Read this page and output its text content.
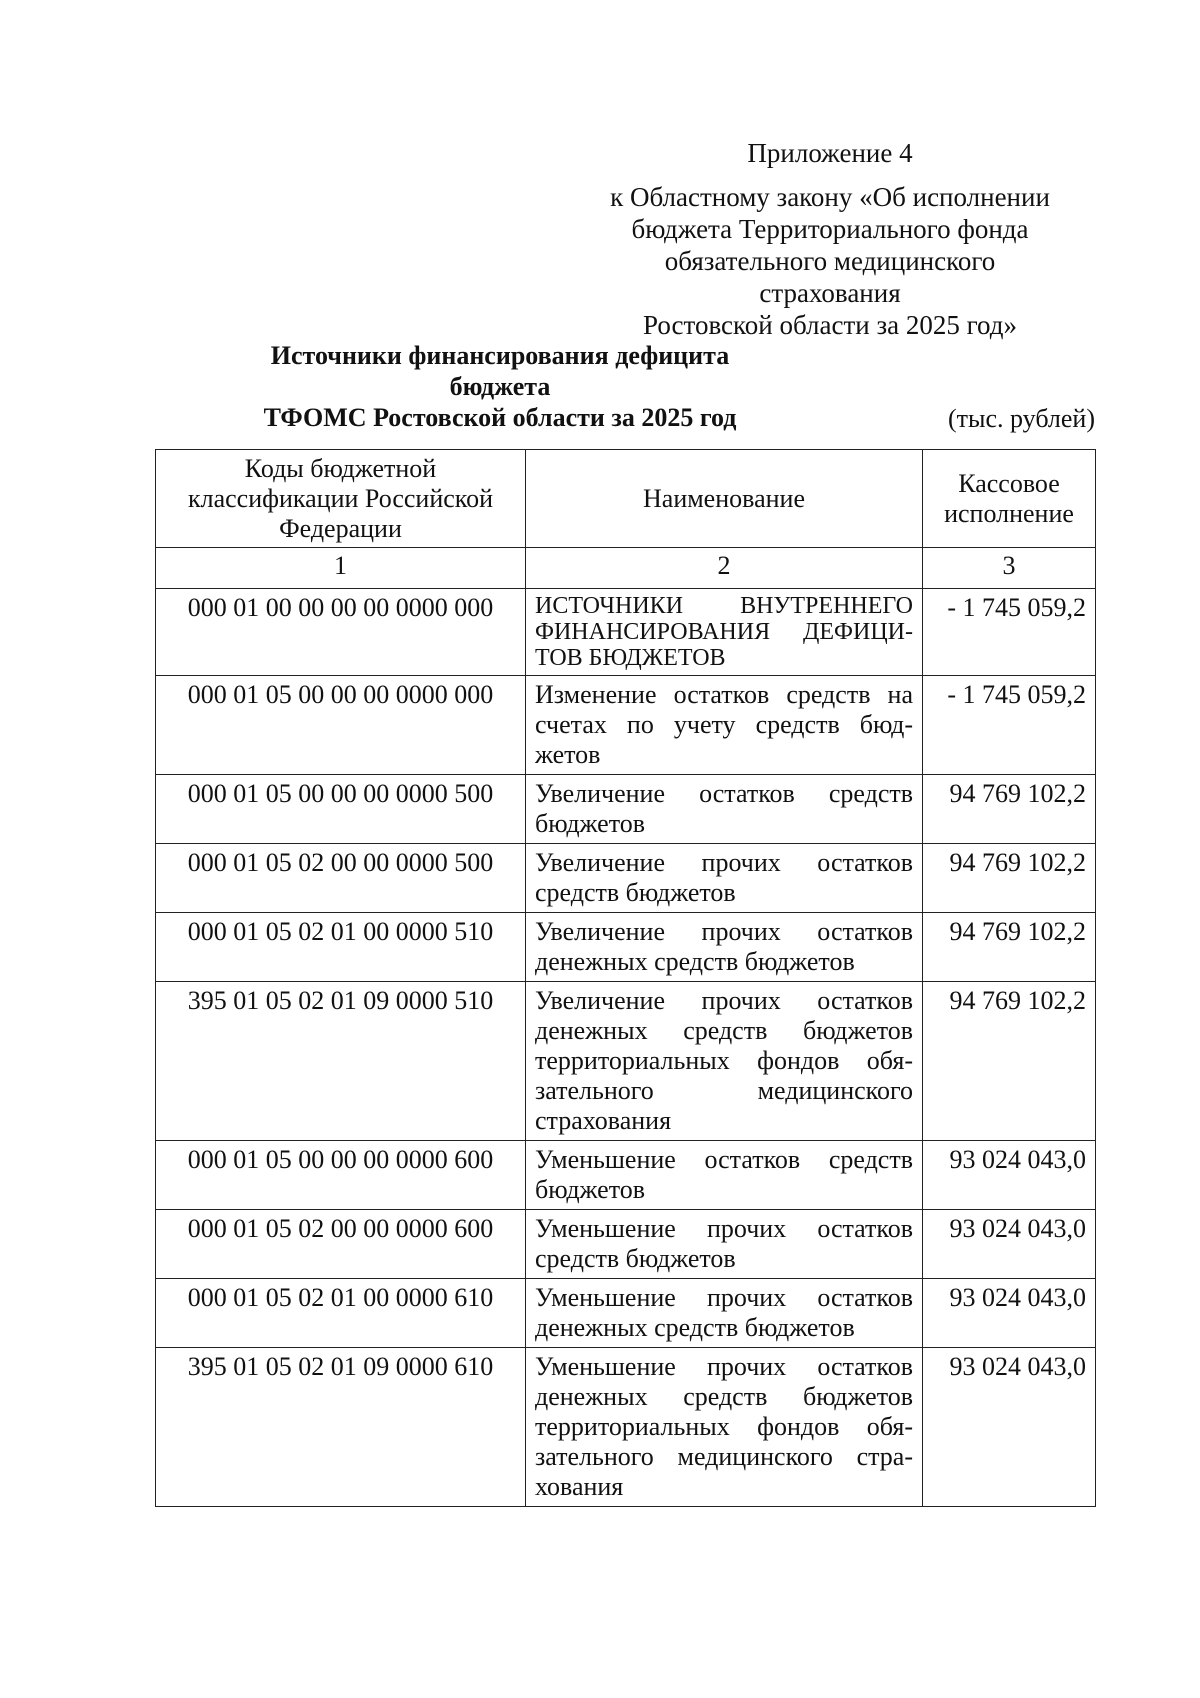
Приложение 4
к Областному закону «Об исполнении
бюджета Территориального фонда
обязательного медицинского страхования
Ростовской области за 2025 год»
Источники финансирования дефицита бюджета
ТФОМС Ростовской области за 2025 год	(тыс. рублей)
Коды бюджетной классификации Российской Федерации	Наименование	Кассовое исполнение
1	2	3
000 01 00 00 00 00 0000 000	ИСТОЧНИКИ ВНУТРЕННЕГО ФИНАНСИРОВАНИЯ ДЕФИЦИ-ТОВ БЮДЖЕТОВ	- 1 745 059,2
000 01 05 00 00 00 0000 000	Изменение остатков средств на счетах по учету средств бюд-жетов	- 1 745 059,2
000 01 05 00 00 00 0000 500	Увеличение остатков средств бюджетов	94 769 102,2
000 01 05 02 00 00 0000 500	Увеличение прочих остатков средств бюджетов	94 769 102,2
000 01 05 02 01 00 0000 510	Увеличение прочих остатков денежных средств бюджетов	94 769 102,2
395 01 05 02 01 09 0000 510	Увеличение прочих остатков денежных средств бюджетов территориальных фондов обя-зательного медицинского страхования	94 769 102,2
000 01 05 00 00 00 0000 600	Уменьшение остатков средств бюджетов	93 024 043,0
000 01 05 02 00 00 0000 600	Уменьшение прочих остатков средств бюджетов	93 024 043,0
000 01 05 02 01 00 0000 610	Уменьшение прочих остатков денежных средств бюджетов	93 024 043,0
395 01 05 02 01 09 0000 610	Уменьшение прочих остатков денежных средств бюджетов территориальных фондов обя-зательного медицинского стра-хования	93 024 043,0
